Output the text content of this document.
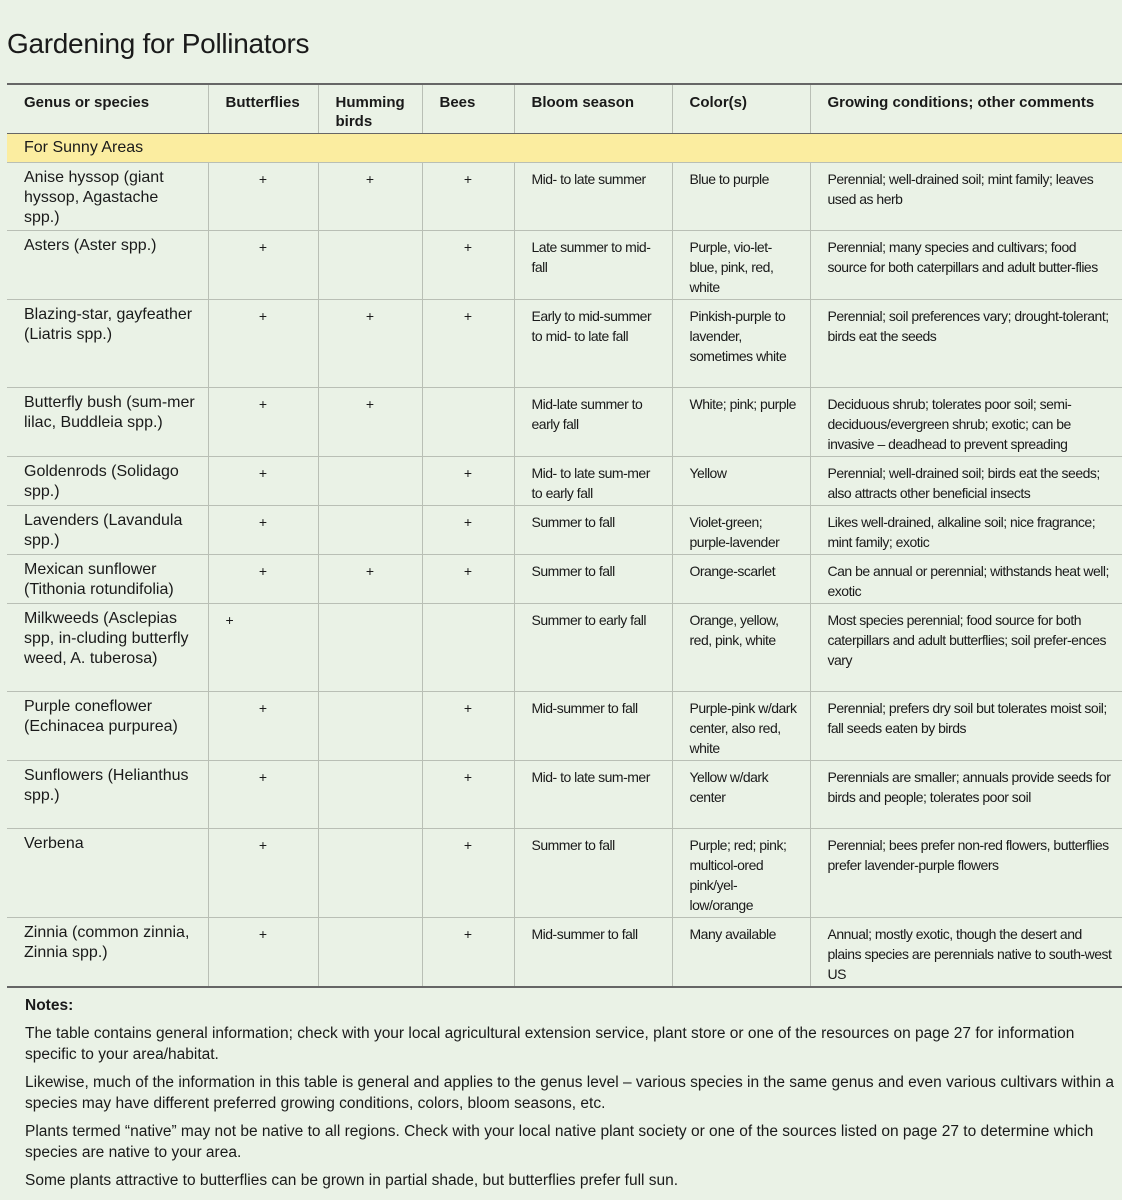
Gardening for Pollinators
Genus or species	Butterflies	Humming birds	Bees	Bloom season	Color(s)	Growing conditions; other comments
For Sunny Areas						
Anise hyssop (giant hyssop, Agastache spp.)	+	+	+	Mid- to late summer	Blue to purple	Perennial; well-drained soil; mint family; leaves used as herb
Asters (Aster spp.)	+		+	Late summer to mid-fall	Purple, vio-let-blue, pink, red, white	Perennial; many species and cultivars; food source for both caterpillars and adult butter-flies
Blazing-star, gayfeather (Liatris spp.)	+	+	+	Early to mid-summer to mid- to late fall	Pinkish-purple to lavender, sometimes white	Perennial; soil preferences vary; drought-tolerant; birds eat the seeds
Butterfly bush (sum-mer lilac, Buddleia spp.)	+	+		Mid-late summer to early fall	White; pink; purple	Deciduous shrub; tolerates poor soil; semi-deciduous/evergreen shrub; exotic; can be invasive – deadhead to prevent spreading
Goldenrods (Solidago spp.)	+		+	Mid- to late sum-mer to early fall	Yellow	Perennial; well-drained soil; birds eat the seeds; also attracts other beneficial insects
Lavenders (Lavandula spp.)	+		+	Summer to fall	Violet-green; purple-lavender	Likes well-drained, alkaline soil; nice fragrance; mint family; exotic
Mexican sunflower (Tithonia rotundifolia)	+	+	+	Summer to fall	Orange-scarlet	Can be annual or perennial; withstands heat well; exotic
Milkweeds (Asclepias spp, in-cluding butterfly weed, A. tuberosa)	+			Summer to early fall	Orange, yellow, red, pink, white	Most species perennial; food source for both caterpillars and adult butterflies; soil prefer-ences vary
Purple coneflower (Echinacea purpurea)	+		+	Mid-summer to fall	Purple-pink w/dark center, also red, white	Perennial; prefers dry soil but tolerates moist soil; fall seeds eaten by birds
Sunflowers (Helianthus spp.)	+		+	Mid- to late sum-mer	Yellow w/dark center	Perennials are smaller; annuals provide seeds for birds and people; tolerates poor soil
Verbena	+		+	Summer to fall	Purple; red; pink; multicol-ored pink/yel-low/orange	Perennial; bees prefer non-red flowers, butterflies prefer lavender-purple flowers
Zinnia (common zinnia, Zinnia spp.)	+		+	Mid-summer to fall	Many available	Annual; mostly exotic, though the desert and plains species are perennials native to south-west US

Notes:

The table contains general information; check with your local agricultural extension service, plant store or one of the resources on page 27 for information specific to your area/habitat.

Likewise, much of the information in this table is general and applies to the genus level – various species in the same genus and even various cultivars within a species may have different preferred growing conditions, colors, bloom seasons, etc.

Plants termed “native” may not be native to all regions. Check with your local native plant society or one of the sources listed on page 27 to determine which species are native to your area.

Some plants attractive to butterflies can be grown in partial shade, but butterflies prefer full sun.
